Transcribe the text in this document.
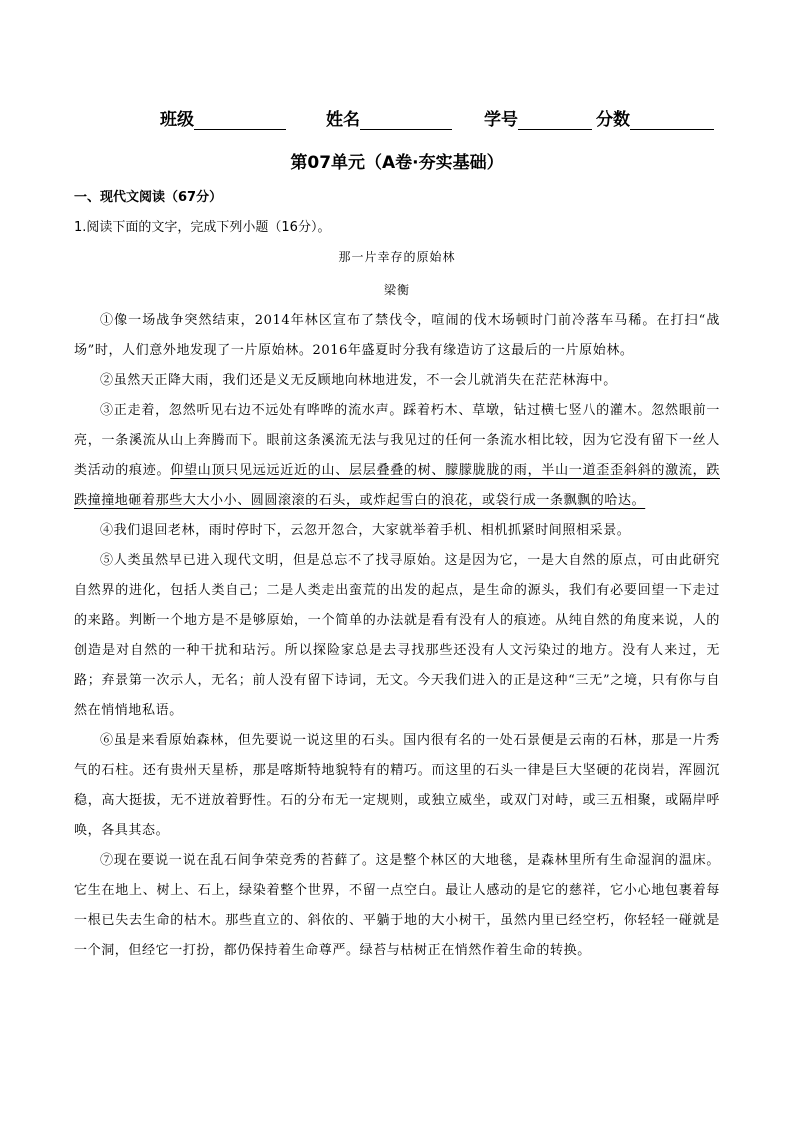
班级	姓名	学号	分数
第07单元（A卷·夯实基础）
一、现代文阅读（67分）
1.阅读下面的文字，完成下列小题（16分）。
那一片幸存的原始林
梁衡

①像一场战争突然结束，2014年林区宣布了禁伐令，喧闹的伐木场顿时门前冷落车马稀。在打扫“战场”时，人们意外地发现了一片原始林。2016年盛夏时分我有缘造访了这最后的一片原始林。

②虽然天正降大雨，我们还是义无反顾地向林地进发，不一会儿就消失在茫茫林海中。

③正走着，忽然听见右边不远处有哗哗的流水声。踩着朽木、草墩，钻过横七竖八的灌木。忽然眼前一亮，一条溪流从山上奔腾而下。眼前这条溪流无法与我见过的任何一条流水相比较，因为它没有留下一丝人类活动的痕迹。仰望山顶只见远远近近的山、层层叠叠的树、朦朦胧胧的雨，半山一道歪歪斜斜的激流，跌跌撞撞地砸着那些大大小小、圆圆滚滚的石头，或炸起雪白的浪花，或袋行成一条飘飘的哈达。

④我们退回老林，雨时停时下，云忽开忽合，大家就举着手机、相机抓紧时间照相采景。

⑤人类虽然早已进入现代文明，但是总忘不了找寻原始。这是因为它，一是大自然的原点，可由此研究自然界的进化，包括人类自己；二是人类走出蛮荒的出发的起点，是生命的源头，我们有必要回望一下走过的来路。判断一个地方是不是够原始，一个简单的办法就是看有没有人的痕迹。从纯自然的角度来说，人的创造是对自然的一种干扰和玷污。所以探险家总是去寻找那些还没有人文污染过的地方。没有人来过，无路；弃景第一次示人，无名；前人没有留下诗词，无文。今天我们进入的正是这种“三无”之境，只有你与自然在悄悄地私语。

⑥虽是来看原始森林，但先要说一说这里的石头。国内很有名的一处石景便是云南的石林，那是一片秀气的石柱。还有贵州天星桥，那是喀斯特地貌特有的精巧。而这里的石头一律是巨大坚硬的花岗岩，浑圆沉稳，高大挺拔，无不迸放着野性。石的分布无一定规则，或独立威坐，或双门对峙，或三五相聚，或隔岸呼唤，各具其态。

⑦现在要说一说在乱石间争荣竞秀的苔藓了。这是整个林区的大地毯，是森林里所有生命湿润的温床。它生在地上、树上、石上，绿染着整个世界，不留一点空白。最让人感动的是它的慈祥，它小心地包裹着每一根已失去生命的枯木。那些直立的、斜依的、平躺于地的大小树干，虽然内里已经空朽，你轻轻一碰就是一个洞，但经它一打扮，都仍保持着生命尊严。绿苔与枯树正在悄然作着生命的转换。
